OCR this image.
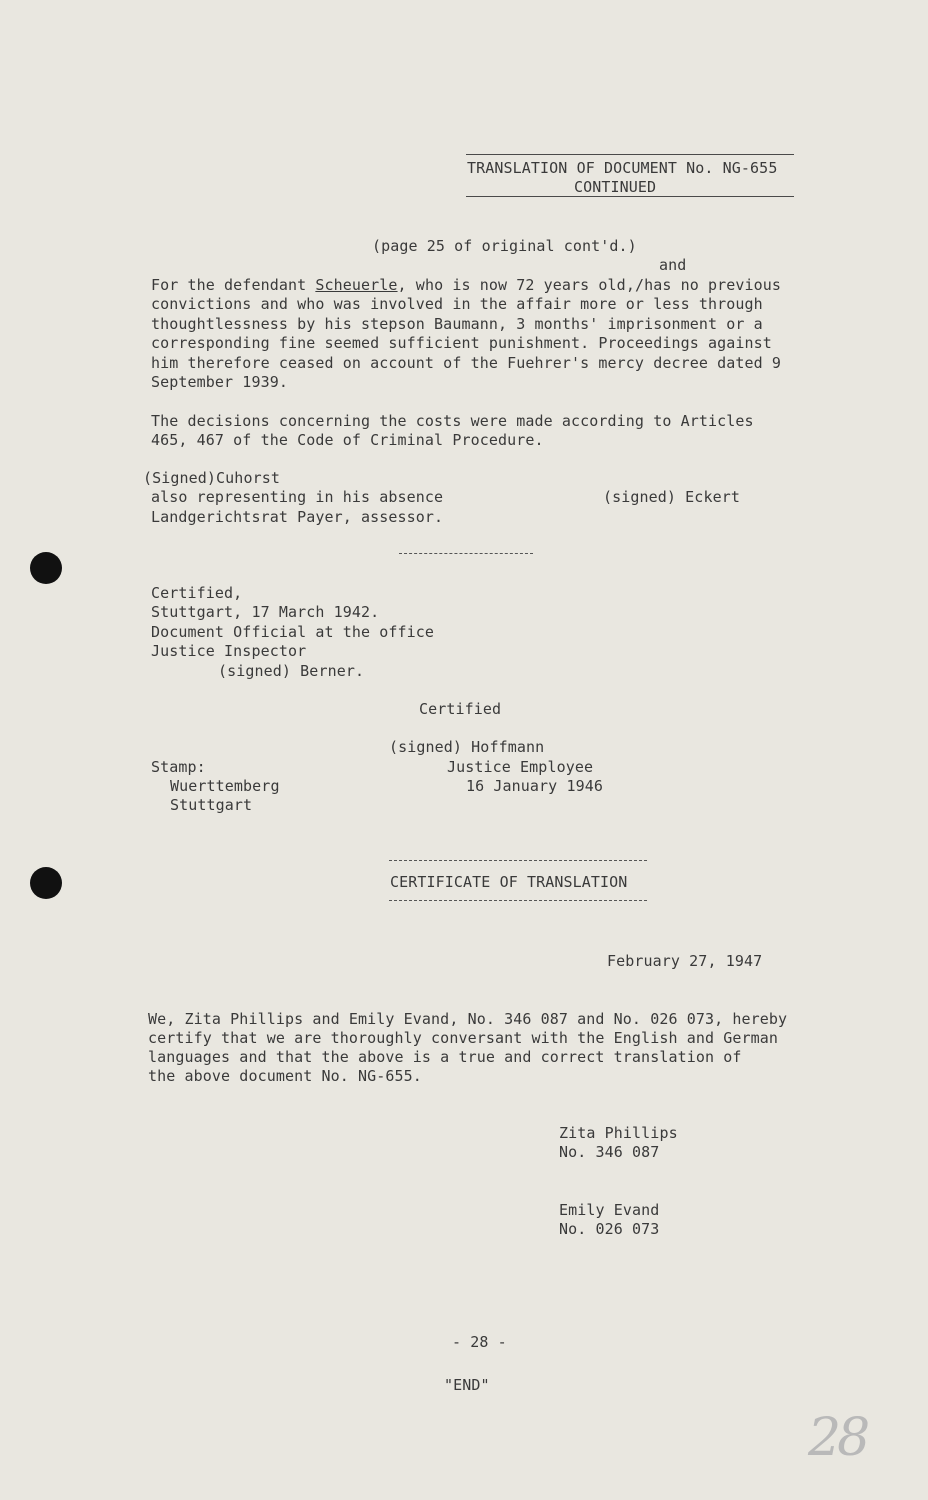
TRANSLATION OF DOCUMENT No. NG-655
CONTINUED
(page 25 of original cont'd.)
and
For the defendant Scheuerle, who is now 72 years old,/has no previous
convictions and who was involved in the affair more or less through
thoughtlessness by his stepson Baumann, 3 months' imprisonment or a
corresponding fine seemed sufficient punishment. Proceedings against
him therefore ceased on account of the Fuehrer's mercy decree dated 9
September 1939.
The decisions concerning the costs were made according to Articles
465, 467 of the Code of Criminal Procedure.
(Signed)Cuhorst
also representing in his absence
Landgerichtsrat Payer, assessor.
(signed) Eckert
Certified,
Stuttgart, 17 March 1942.
Document Official at the office
Justice Inspector
(signed) Berner.
Certified
(signed) Hoffmann
Justice Employee
16 January 1946
Stamp:
Wuerttemberg
Stuttgart
CERTIFICATE OF TRANSLATION
February 27, 1947
We, Zita Phillips and Emily Evand, No. 346 087 and No. 026 073, hereby
certify that we are thoroughly conversant with the English and German
languages and that the above is a true and correct translation of
the above document No. NG-655.
Zita Phillips
No. 346 087
Emily Evand
No. 026 073
- 28 -
"END"
28
